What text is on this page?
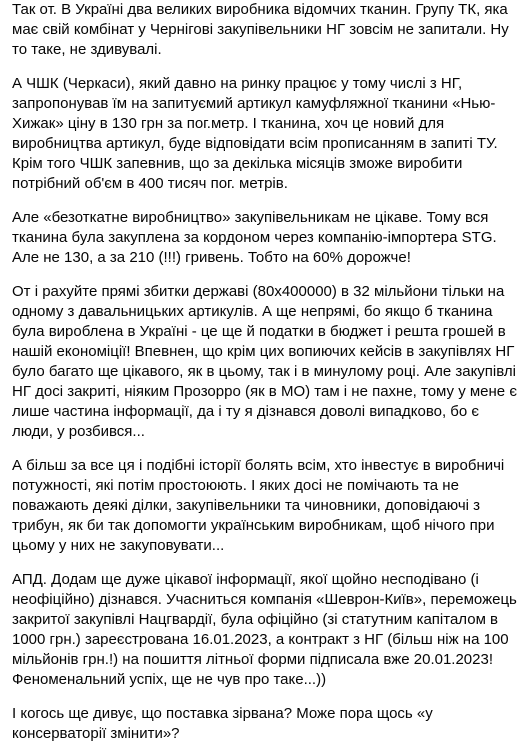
Так от. В Україні два великих виробника відомчих тканин. Групу ТК, яка має свій комбінат у Чернігові закупівельники НГ зовсім не запитали. Ну то таке, не здивувалі.

А ЧШК (Черкаси), який давно на ринку працює у тому числі з НГ, запропонував їм на запитуємий артикул камуфляжної тканини «Нью-Хижак» ціну в 130 грн за пог.метр. І тканина, хоч це новий для виробництва артикул, буде відповідати всім прописанням в запиті ТУ. Крім того ЧШК запевнив, що за декілька місяців зможе виробити потрібний об'єм в 400 тисяч пог. метрів.

Але «безоткатне виробництво» закупівельникам не цікаве. Тому вся тканина була закуплена за кордоном через компанію-імпортера STG. Але не 130, а за 210 (!!!) гривень. Тобто на 60% дорожче!

От і рахуйте прямі збитки державі (80х400000) в 32 мільйони тільки на одному з давальницьких артикулів. А ще непрямі, бо якщо б тканина була вироблена в Україні - це ще й податки в бюджет і решта грошей в нашій економіції! Впевнен, що крім цих вопиючих кейсів в закупівлях НГ було багато ще цікавого, як в цьому, так і в минулому році. Але закупівлі НГ досі закриті, ніяким Прозорро (як в МО) там і не пахне, тому у мене є лише частина інформації, да і ту я дізнався доволі випадково, бо є люди, у розбився...

А більш за все ця і подібні історії болять всім, хто інвестує в виробничі потужності, які потім простоюють. І яких досі не помічають та не поважають деякі ділки, закупівельники та чиновники, доповідаючі з трибун, як би так допомогти українським виробникам, щоб нічого при цьому у них не закуповувати...

АПД. Додам ще дуже цікавої інформації, якої щойно несподівано (і неофіційно) дізнався. Учасниться компанія «Шеврон-Київ», переможець закритої закупівлі Нацгвардії, була офіційно (зі статутним капіталом в 1000 грн.) зареєстрована 16.01.2023, а контракт з НГ (більш ніж на 100 мільйонів грн.!) на пошиття літньої форми підписала вже 20.01.2023! Феноменальний успіх, ще не чув про таке...))

І когось ще дивує, що поставка зірвана? Може пора щось «у консерваторії змінити»?
